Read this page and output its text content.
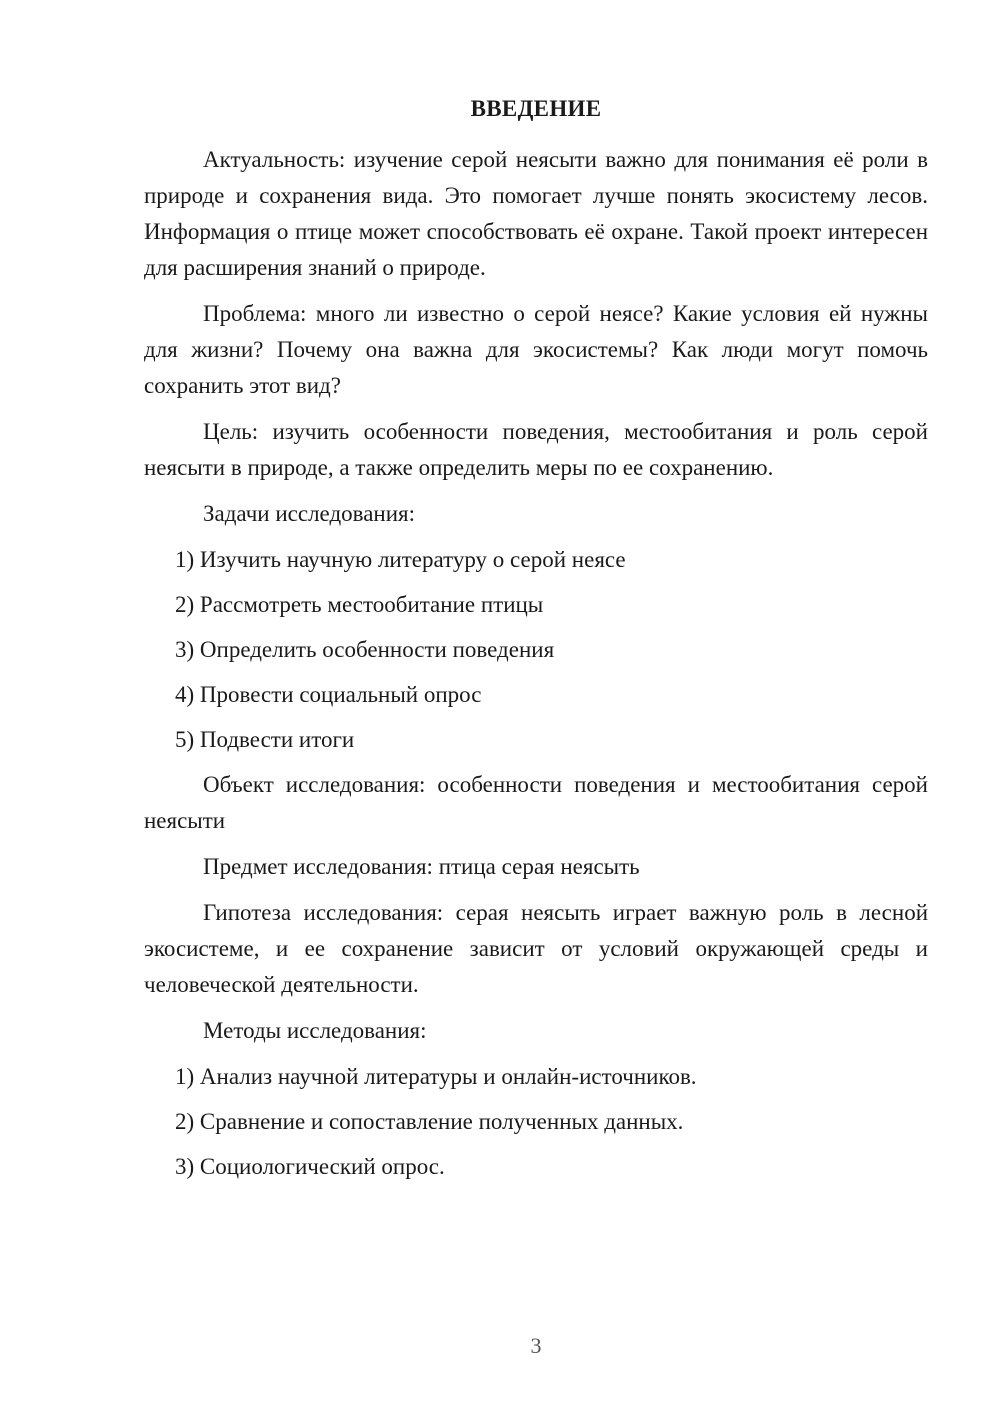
ВВЕДЕНИЕ

Актуальность: изучение серой неясыти важно для понимания её роли в природе и сохранения вида. Это помогает лучше понять экосистему лесов. Информация о птице может способствовать её охране. Такой проект интересен для расширения знаний о природе.

Проблема: много ли известно о серой неясе? Какие условия ей нужны для жизни? Почему она важна для экосистемы? Как люди могут помочь сохранить этот вид?

Цель: изучить особенности поведения, местообитания и роль серой неясыти в природе, а также определить меры по ее сохранению.

Задачи исследования:

1) Изучить научную литературу о серой неясе

2) Рассмотреть местообитание птицы

3) Определить особенности поведения

4) Провести социальный опрос

5) Подвести итоги

Объект исследования: особенности поведения и местообитания серой неясыти

Предмет исследования: птица серая неясыть

Гипотеза исследования: серая неясыть играет важную роль в лесной экосистеме, и ее сохранение зависит от условий окружающей среды и человеческой деятельности.

Методы исследования:

1) Анализ научной литературы и онлайн-источников.

2) Сравнение и сопоставление полученных данных.

3) Социологический опрос.

3
